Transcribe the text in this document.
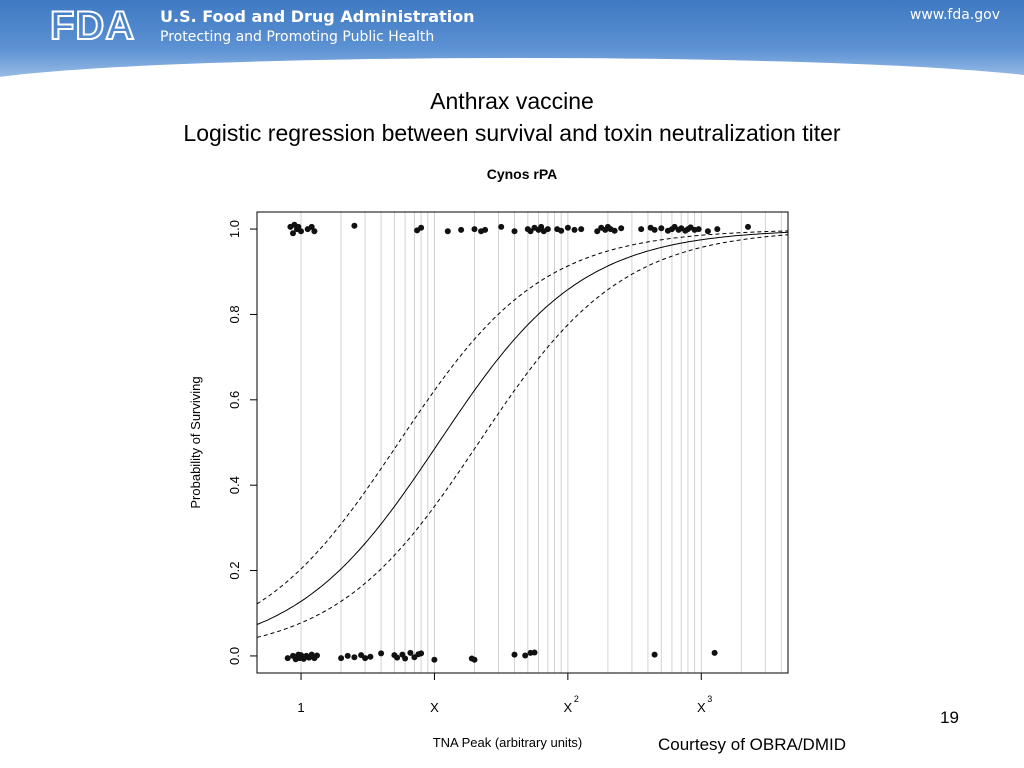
FDA U.S. Food and Drug Administration
Protecting and Promoting Public Health
www.fda.gov
Anthrax vaccine
Logistic regression between survival and toxin neutralization titer
Cynos rPA
0.0
0.2
0.4
0.6
0.8
1.0
1	X	X
2
X
3
TNA Peak (arbitrary units)
Probability of Surviving
19
Courtesy of OBRA/DMID
